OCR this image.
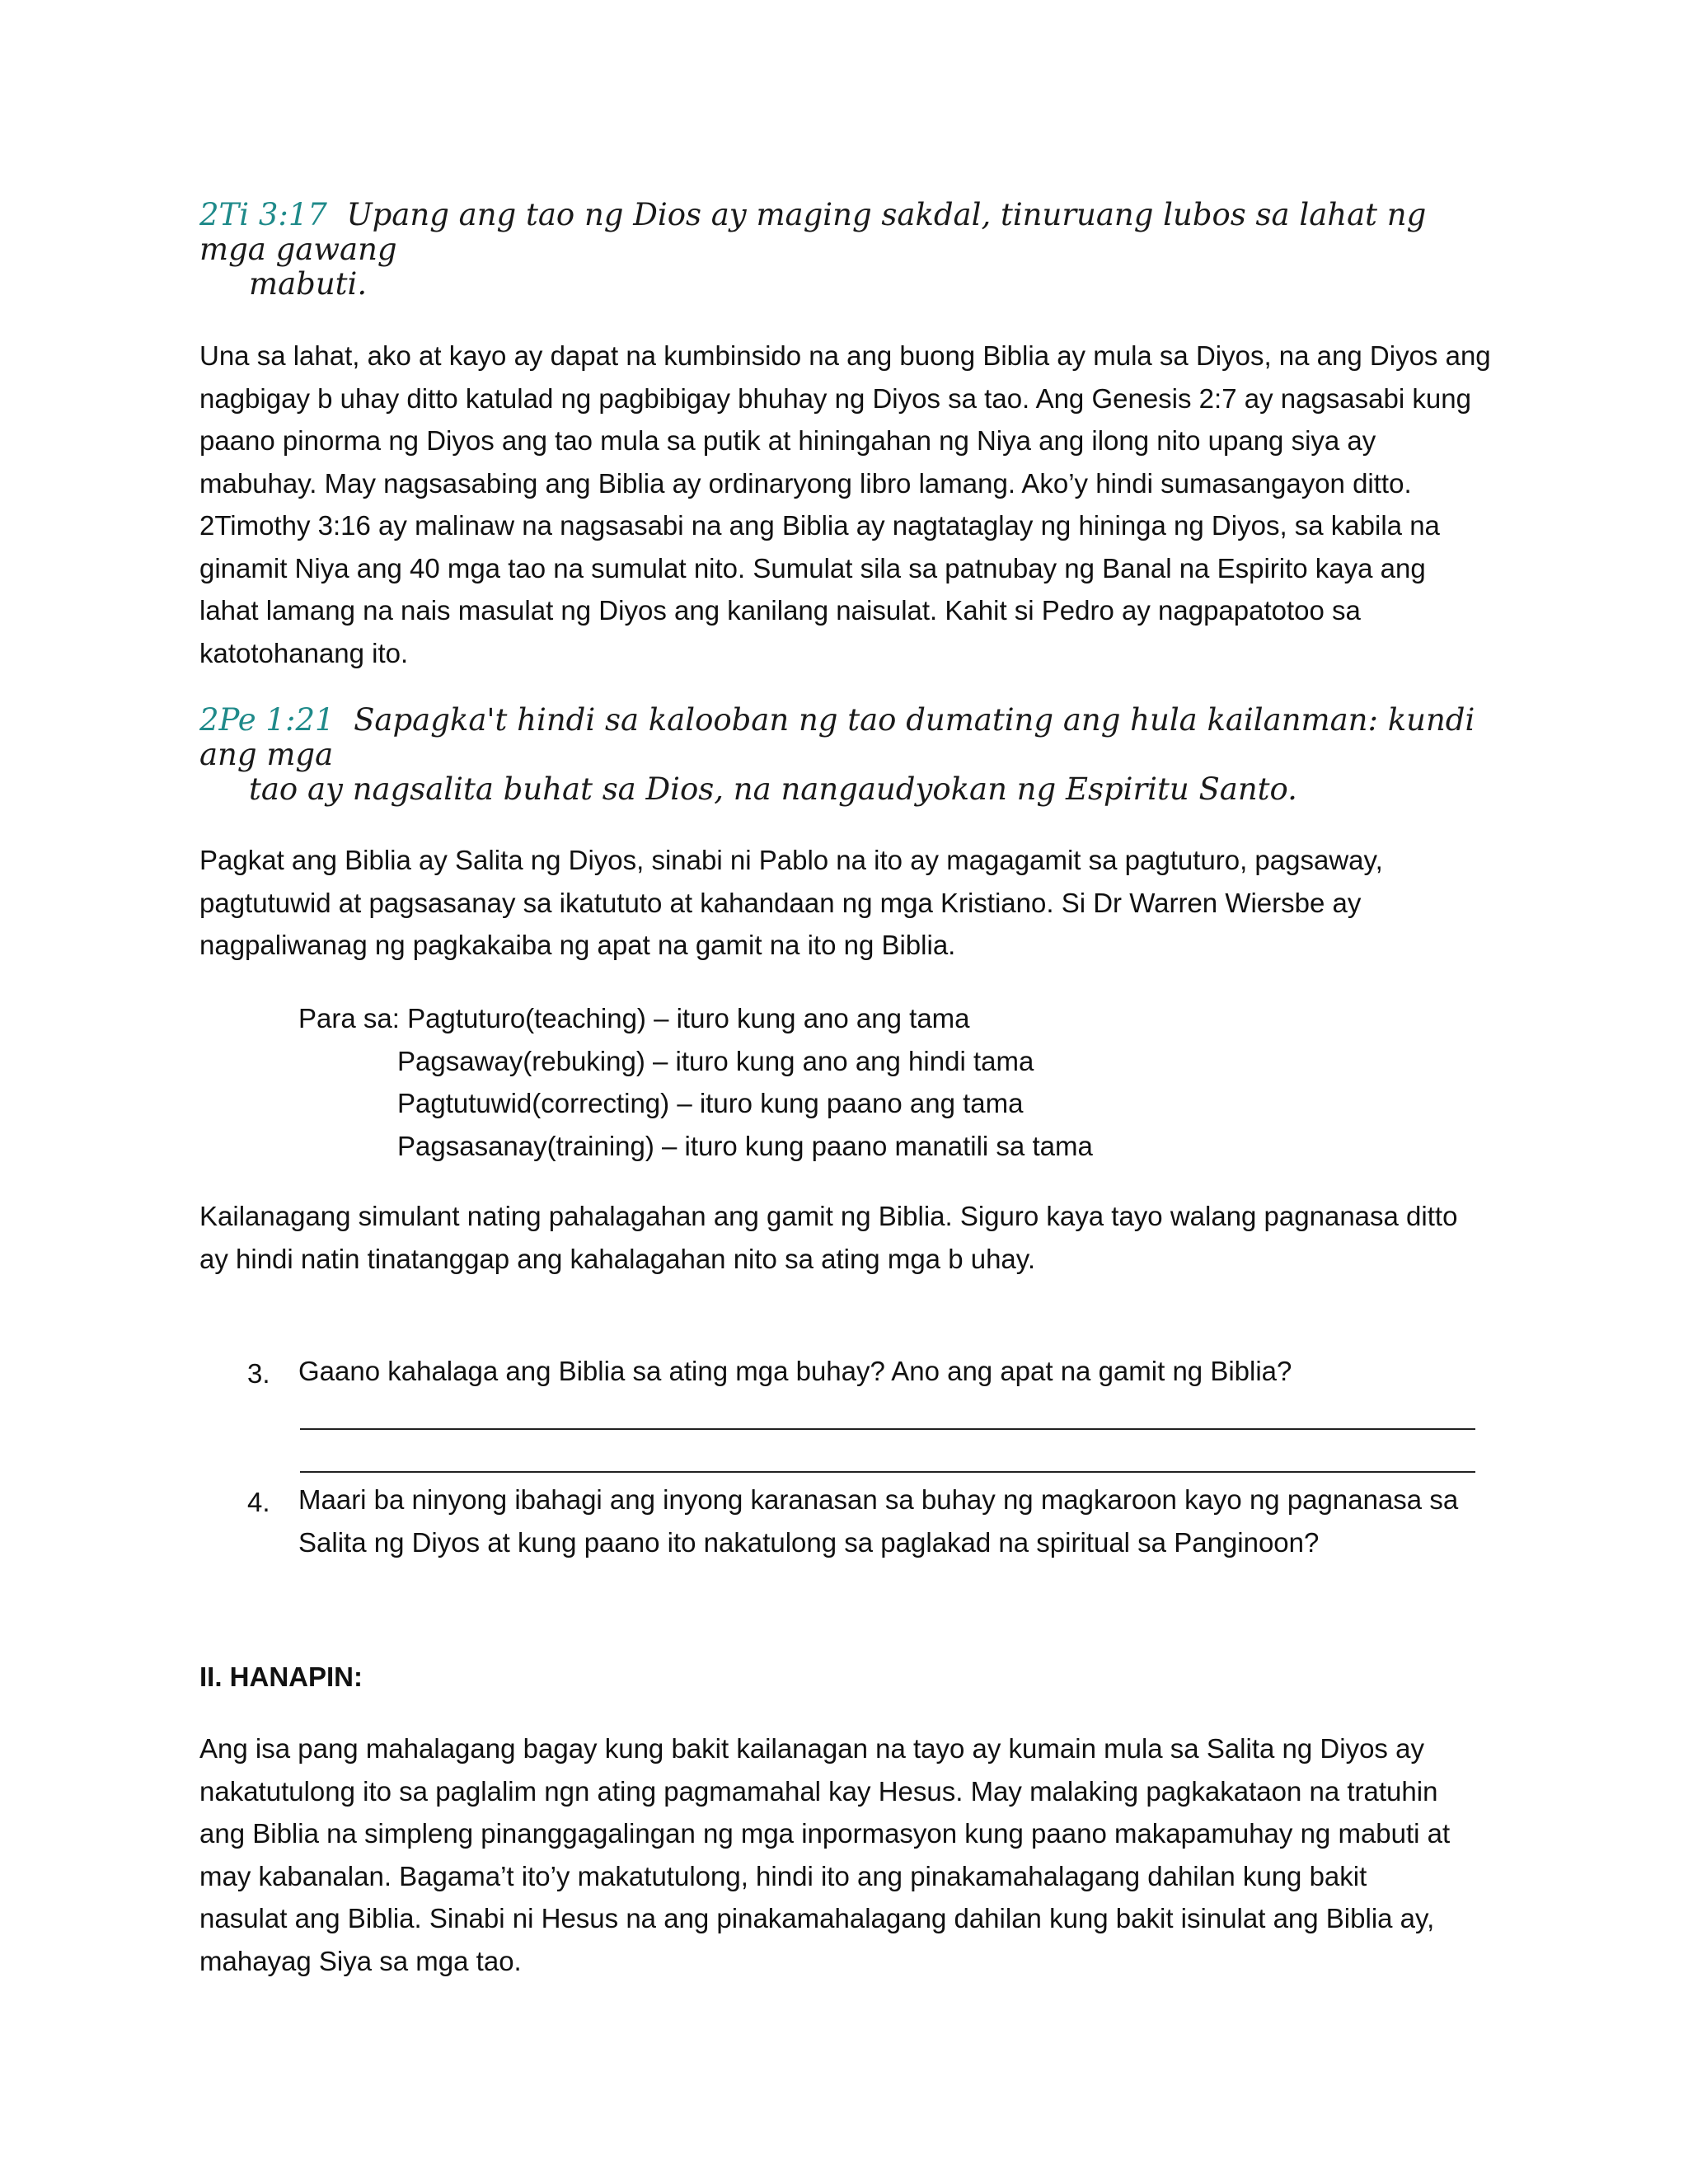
2Ti 3:17 Upang ang tao ng Dios ay maging sakdal, tinuruang lubos sa lahat ng mga gawang
mabuti.
Una sa lahat, ako at kayo ay dapat na kumbinsido na ang buong Biblia ay mula sa Diyos, na ang Diyos ang
nagbigay b uhay ditto katulad ng pagbibigay bhuhay ng Diyos sa tao. Ang Genesis 2:7 ay nagsasabi kung
paano pinorma ng Diyos ang tao mula sa putik at hiningahan ng Niya ang ilong nito upang siya ay
mabuhay. May nagsasabing ang Biblia ay ordinaryong libro lamang. Ako’y hindi sumasangayon ditto.
2Timothy 3:16 ay malinaw na nagsasabi na ang Biblia ay nagtataglay ng hininga ng Diyos, sa kabila na
ginamit Niya ang 40 mga tao na sumulat nito. Sumulat sila sa patnubay ng Banal na Espirito kaya ang
lahat lamang na nais masulat ng Diyos ang kanilang naisulat. Kahit si Pedro ay nagpapatotoo sa
katotohanang ito.
2Pe 1:21 Sapagka't hindi sa kalooban ng tao dumating ang hula kailanman: kundi ang mga
tao ay nagsalita buhat sa Dios, na nangaudyokan ng Espiritu Santo.
Pagkat ang Biblia ay Salita ng Diyos, sinabi ni Pablo na ito ay magagamit sa pagtuturo, pagsaway,
pagtutuwid at pagsasanay sa ikatututo at kahandaan ng mga Kristiano. Si Dr Warren Wiersbe ay
nagpaliwanag ng pagkakaiba ng apat na gamit na ito ng Biblia.
Para sa: Pagtuturo(teaching) – ituro kung ano ang tama
Pagsaway(rebuking) – ituro kung ano ang hindi tama
Pagtutuwid(correcting) – ituro kung paano ang tama
Pagsasanay(training) – ituro kung paano manatili sa tama
Kailanagang simulant nating pahalagahan ang gamit ng Biblia. Siguro kaya tayo walang pagnanasa ditto
ay hindi natin tinatanggap ang kahalagahan nito sa ating mga b uhay.
3. Gaano kahalaga ang Biblia sa ating mga buhay? Ano ang apat na gamit ng Biblia?
4. Maari ba ninyong ibahagi ang inyong karanasan sa buhay ng magkaroon kayo ng pagnanasa sa
Salita ng Diyos at kung paano ito nakatulong sa paglakad na spiritual sa Panginoon?
II. HANAPIN:
Ang isa pang mahalagang bagay kung bakit kailanagan na tayo ay kumain mula sa Salita ng Diyos ay
nakatutulong ito sa paglalim ngn ating pagmamahal kay Hesus. May malaking pagkakataon na tratuhin
ang Biblia na simpleng pinanggagalingan ng mga inpormasyon kung paano makapamuhay ng mabuti at
may kabanalan. Bagama’t ito’y makatutulong, hindi ito ang pinakamahalagang dahilan kung bakit
nasulat ang Biblia. Sinabi ni Hesus na ang pinakamahalagang dahilan kung bakit isinulat ang Biblia ay,
mahayag Siya sa mga tao.
